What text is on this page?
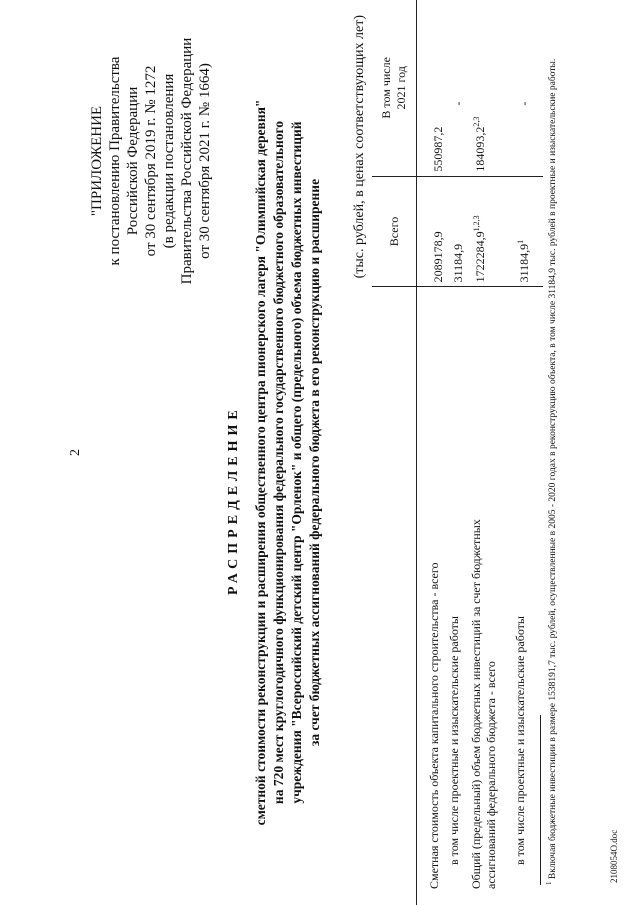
2
"ПРИЛОЖЕНИЕ к постановлению Правительства Российской Федерации от 30 сентября 2019 г. № 1272 (в редакции постановления Правительства Российской Федерации от 30 сентября 2021 г. № 1664)
РАСПРЕДЕЛЕНИЕ сметной стоимости реконструкции и расширения общественного центра пионерского лагеря "Олимпийская деревня" на 720 мест круглогодичного функционирования федерального государственного бюджетного образовательного учреждения "Всероссийский детский центр "Орленок" и общего (предельного) объема бюджетных инвестиций за счет бюджетных ассигнований федерального бюджета в его реконструкцию и расширение
(тыс. рублей, в ценах соответствующих лет)
	Всего	В том числе
2021 год
Сметная стоимость объекта капитального строительства - всего	2089178,9	550987,2
в том числе проектные и изыскательские работы	31184,9	-
Общий (предельный) объем бюджетных инвестиций за счет бюджетных ассигнований федерального бюджета - всего	1722284,9$^{1,2,3}$	184093,2$^{2,3}$
в том числе проектные и изыскательские работы	31184,9$^1$	-
$^1$ Включая бюджетные инвестиции в размере 1538191,7 тыс. рублей, осуществленные в 2005 - 2020 годах в реконструкцию объекта, в том числе 31184,9 тыс. рублей в проектные и изыскательские работы.	2108054О.doc
